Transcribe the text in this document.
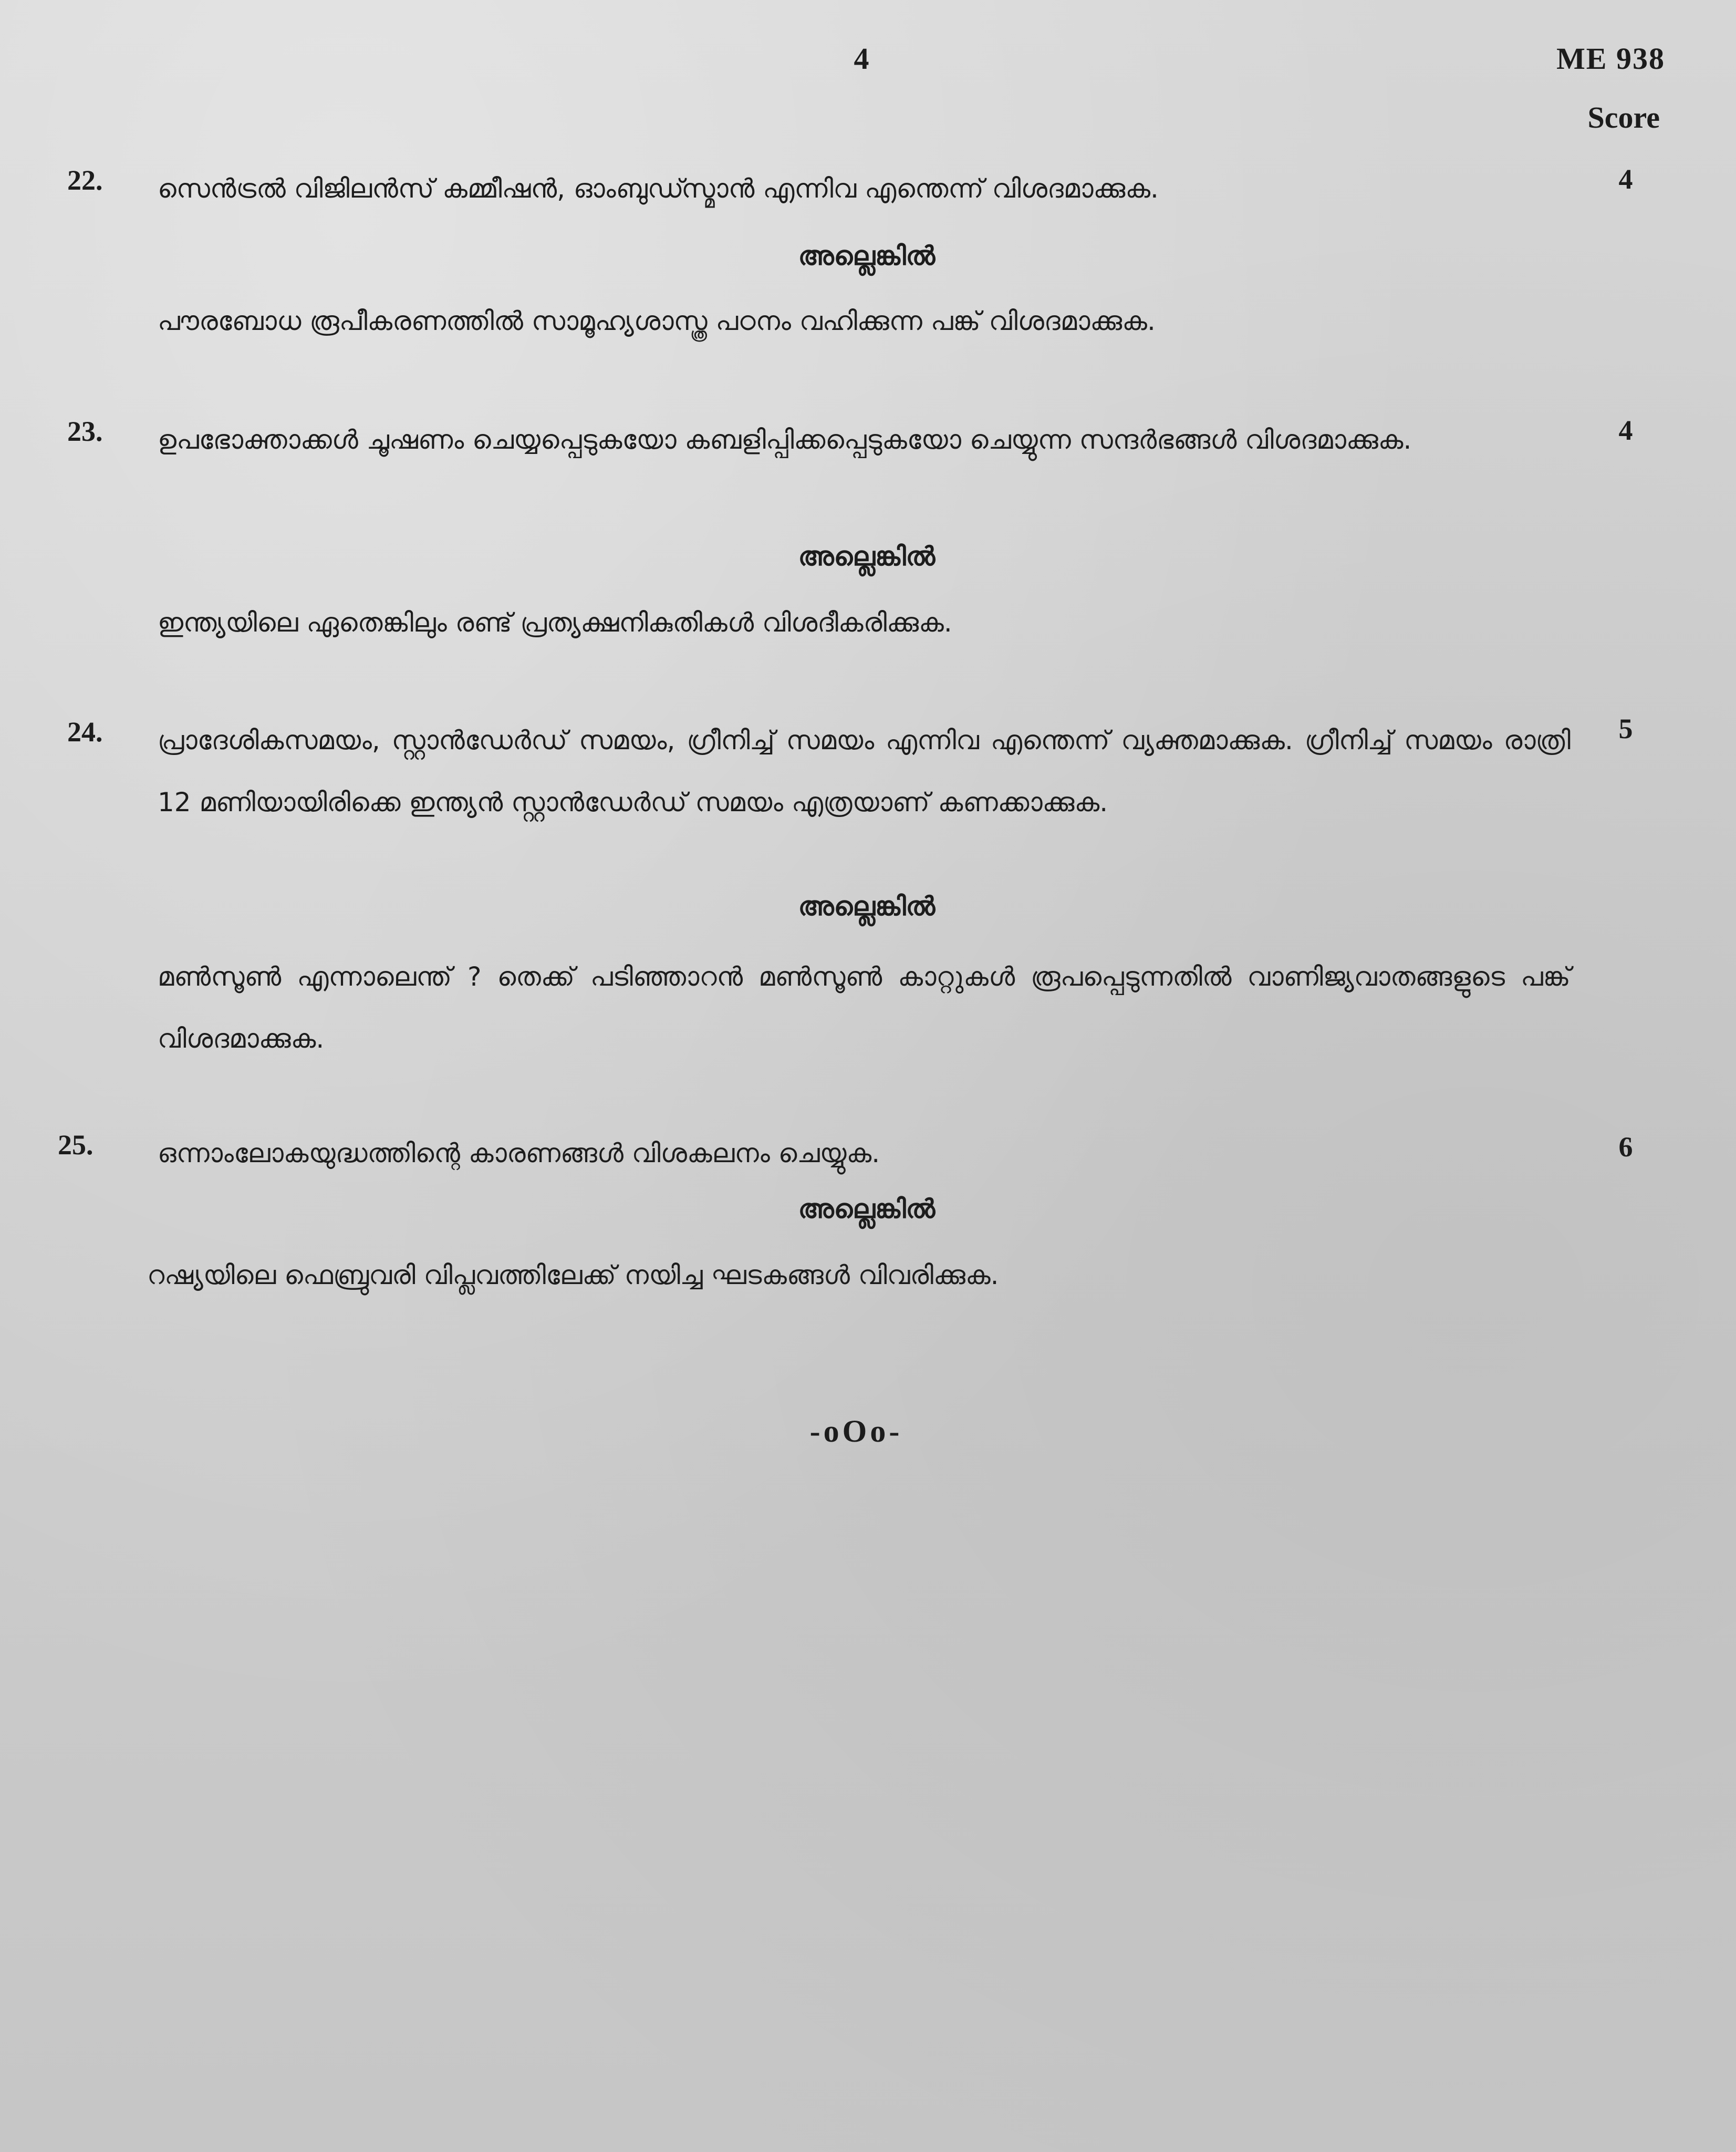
4	ME 938
Score
22. സെൻട്രൽ വിജിലൻസ് കമ്മീഷൻ, ഓംബുഡ്സ്മാൻ എന്നിവ എന്തെന്ന് വിശദമാക്കുക.	4
അല്ലെങ്കിൽ
പൗരബോധ രൂപീകരണത്തിൽ സാമൂഹ്യശാസ്ത്ര പഠനം വഹിക്കുന്ന പങ്ക് വിശദമാക്കുക.
23. ഉപഭോക്താക്കൾ ചൂഷണം ചെയ്യപ്പെടുകയോ കബളിപ്പിക്കപ്പെടുകയോ ചെയ്യുന്ന സന്ദർഭങ്ങൾ വിശദമാക്കുക.	4
അല്ലെങ്കിൽ
ഇന്ത്യയിലെ ഏതെങ്കിലും രണ്ട് പ്രത്യക്ഷനികുതികൾ വിശദീകരിക്കുക.
24. പ്രാദേശികസമയം, സ്റ്റാൻഡേർഡ് സമയം, ഗ്രീനിച്ച് സമയം എന്നിവ എന്തെന്ന് വ്യക്തമാക്കുക. ഗ്രീനിച്ച് സമയം രാത്രി 12 മണിയായിരിക്കെ ഇന്ത്യൻ സ്റ്റാൻഡേർഡ് സമയം എത്രയാണ് കണക്കാക്കുക.
5
അല്ലെങ്കിൽ
മൺസൂൺ എന്നാലെന്ത് ? തെക്ക് പടിഞ്ഞാറൻ മൺസൂൺ കാറ്റുകൾ രൂപപ്പെടുന്നതിൽ വാണിജ്യവാതങ്ങളുടെ പങ്ക് വിശദമാക്കുക.
25. ഒന്നാംലോകയുദ്ധത്തിന്റെ കാരണങ്ങൾ വിശകലനം ചെയ്യുക.	6
അല്ലെങ്കിൽ
റഷ്യയിലെ ഫെബ്രുവരി വിപ്ലവത്തിലേക്ക് നയിച്ച ഘടകങ്ങൾ വിവരിക്കുക.
-oOo-
